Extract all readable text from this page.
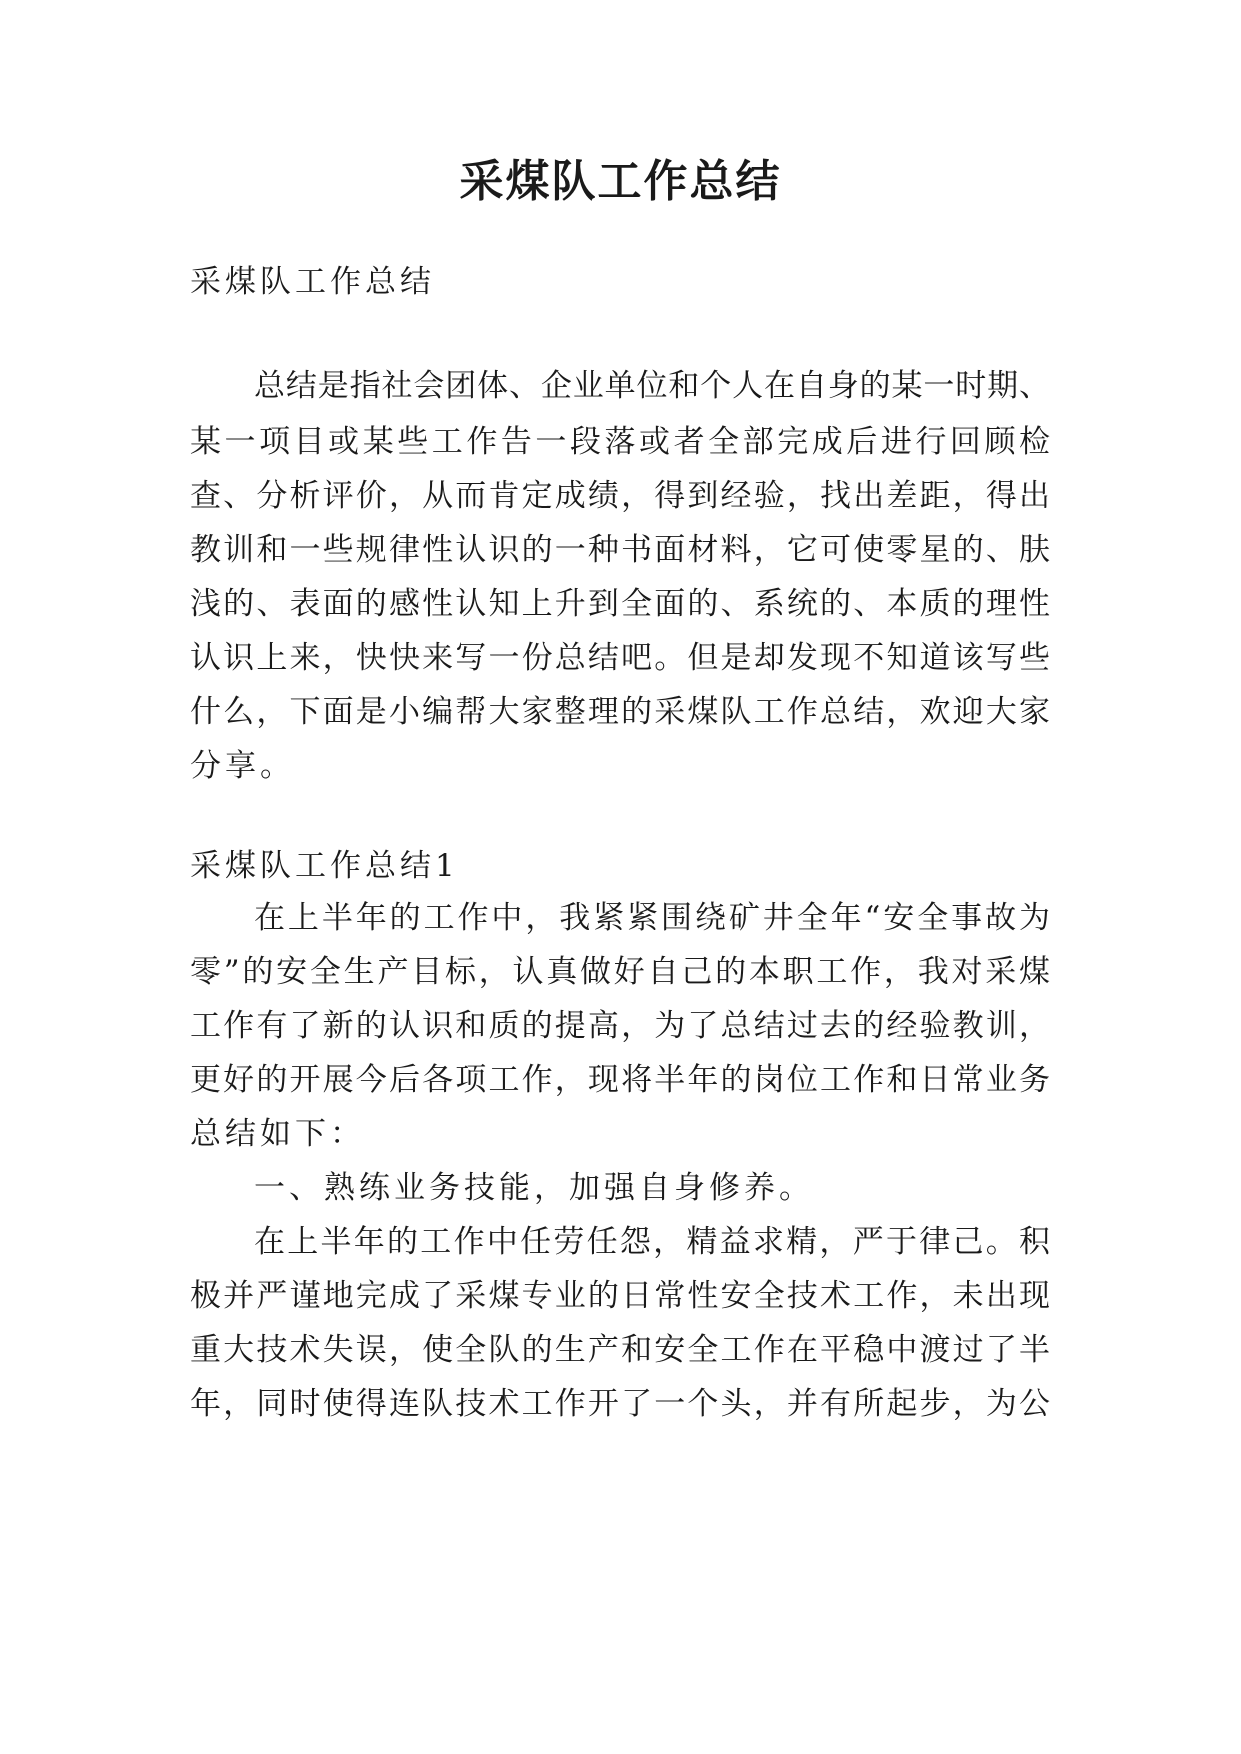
采煤队工作总结

采煤队工作总结

总结是指社会团体、企业单位和个人在自身的某一时期、

某一项目或某些工作告一段落或者全部完成后进行回顾检

查、分析评价，从而肯定成绩，得到经验，找出差距，得出

教训和一些规律性认识的一种书面材料，它可使零星的、肤

浅的、表面的感性认知上升到全面的、系统的、本质的理性

认识上来，快快来写一份总结吧。但是却发现不知道该写些

什么，下面是小编帮大家整理的采煤队工作总结，欢迎大家

分享。

采煤队工作总结1

在上半年的工作中，我紧紧围绕矿井全年“安全事故为

零”的安全生产目标，认真做好自己的本职工作，我对采煤

工作有了新的认识和质的提高，为了总结过去的经验教训，

更好的开展今后各项工作，现将半年的岗位工作和日常业务

总结如下：

一、熟练业务技能，加强自身修养。

在上半年的工作中任劳任怨，精益求精，严于律己。积

极并严谨地完成了采煤专业的日常性安全技术工作，未出现

重大技术失误，使全队的生产和安全工作在平稳中渡过了半

年，同时使得连队技术工作开了一个头，并有所起步，为公
